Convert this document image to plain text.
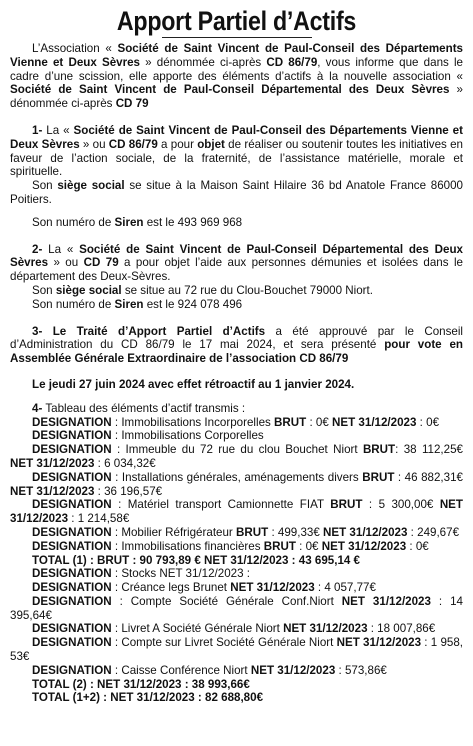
Apport Partiel d’Actifs

L’Association « Société de Saint Vincent de Paul-Conseil des Départements Vienne et Deux Sèvres » dénommée ci-après CD 86/79, vous informe que dans le cadre d’une scission, elle apporte des éléments d’actifs à la nouvelle association « Société de Saint Vincent de Paul-Conseil Départemental des Deux Sèvres » dénommée ci-après CD 79

1- La « Société de Saint Vincent de Paul-Conseil des Départements Vienne et Deux Sèvres » ou CD 86/79 a pour objet de réaliser ou soutenir toutes les initiatives en faveur de l’action sociale, de la fraternité, de l’assistance matérielle, morale et spirituelle.

Son siège social se situe à la Maison Saint Hilaire 36 bd Anatole France 86000 Poitiers.

Son numéro de Siren est le 493 969 968

2- La « Société de Saint Vincent de Paul-Conseil Départemental des Deux Sèvres » ou CD 79 a pour objet l’aide aux personnes démunies et isolées dans le département des Deux-Sèvres.

Son siège social se situe au 72 rue du Clou-Bouchet 79000 Niort.

Son numéro de Siren est le 924 078 496

3- Le Traité d’Apport Partiel d’Actifs a été approuvé par le Conseil d’Administration du CD 86/79 le 17 mai 2024, et sera présenté pour vote en Assemblée Générale Extraordinaire de l’association CD 86/79

Le jeudi 27 juin 2024 avec effet rétroactif au 1 janvier 2024.

4- Tableau des éléments d’actif transmis :

DESIGNATION : Immobilisations Incorporelles BRUT : 0€ NET 31/12/2023 : 0€

DESIGNATION : Immobilisations Corporelles

DESIGNATION : Immeuble du 72 rue du clou Bouchet Niort BRUT: 38 112,25€ NET 31/12/2023 : 6 034,32€

DESIGNATION : Installations générales, aménagements divers BRUT : 46 882,31€ NET 31/12/2023 : 36 196,57€

DESIGNATION : Matériel transport Camionnette FIAT BRUT : 5 300,00€ NET 31/12/2023 : 1 214,58€

DESIGNATION : Mobilier Réfrigérateur BRUT : 499,33€ NET 31/12/2023 : 249,67€

DESIGNATION : Immobilisations financières BRUT : 0€ NET 31/12/2023 : 0€

TOTAL (1) : BRUT : 90 793,89 € NET 31/12/2023 : 43 695,14 €

DESIGNATION : Stocks NET 31/12/2023 :

DESIGNATION : Créance legs Brunet NET 31/12/2023 : 4 057,77€

DESIGNATION : Compte Société Générale Conf.Niort NET 31/12/2023 : 14 395,64€

DESIGNATION : Livret A Société Générale Niort NET 31/12/2023 : 18 007,86€

DESIGNATION : Compte sur Livret Société Générale Niort NET 31/12/2023 : 1 958, 53€

DESIGNATION : Caisse Conférence Niort NET 31/12/2023 : 573,86€

TOTAL (2) : NET 31/12/2023 : 38 993,66€

TOTAL (1+2) : NET 31/12/2023 : 82 688,80€
